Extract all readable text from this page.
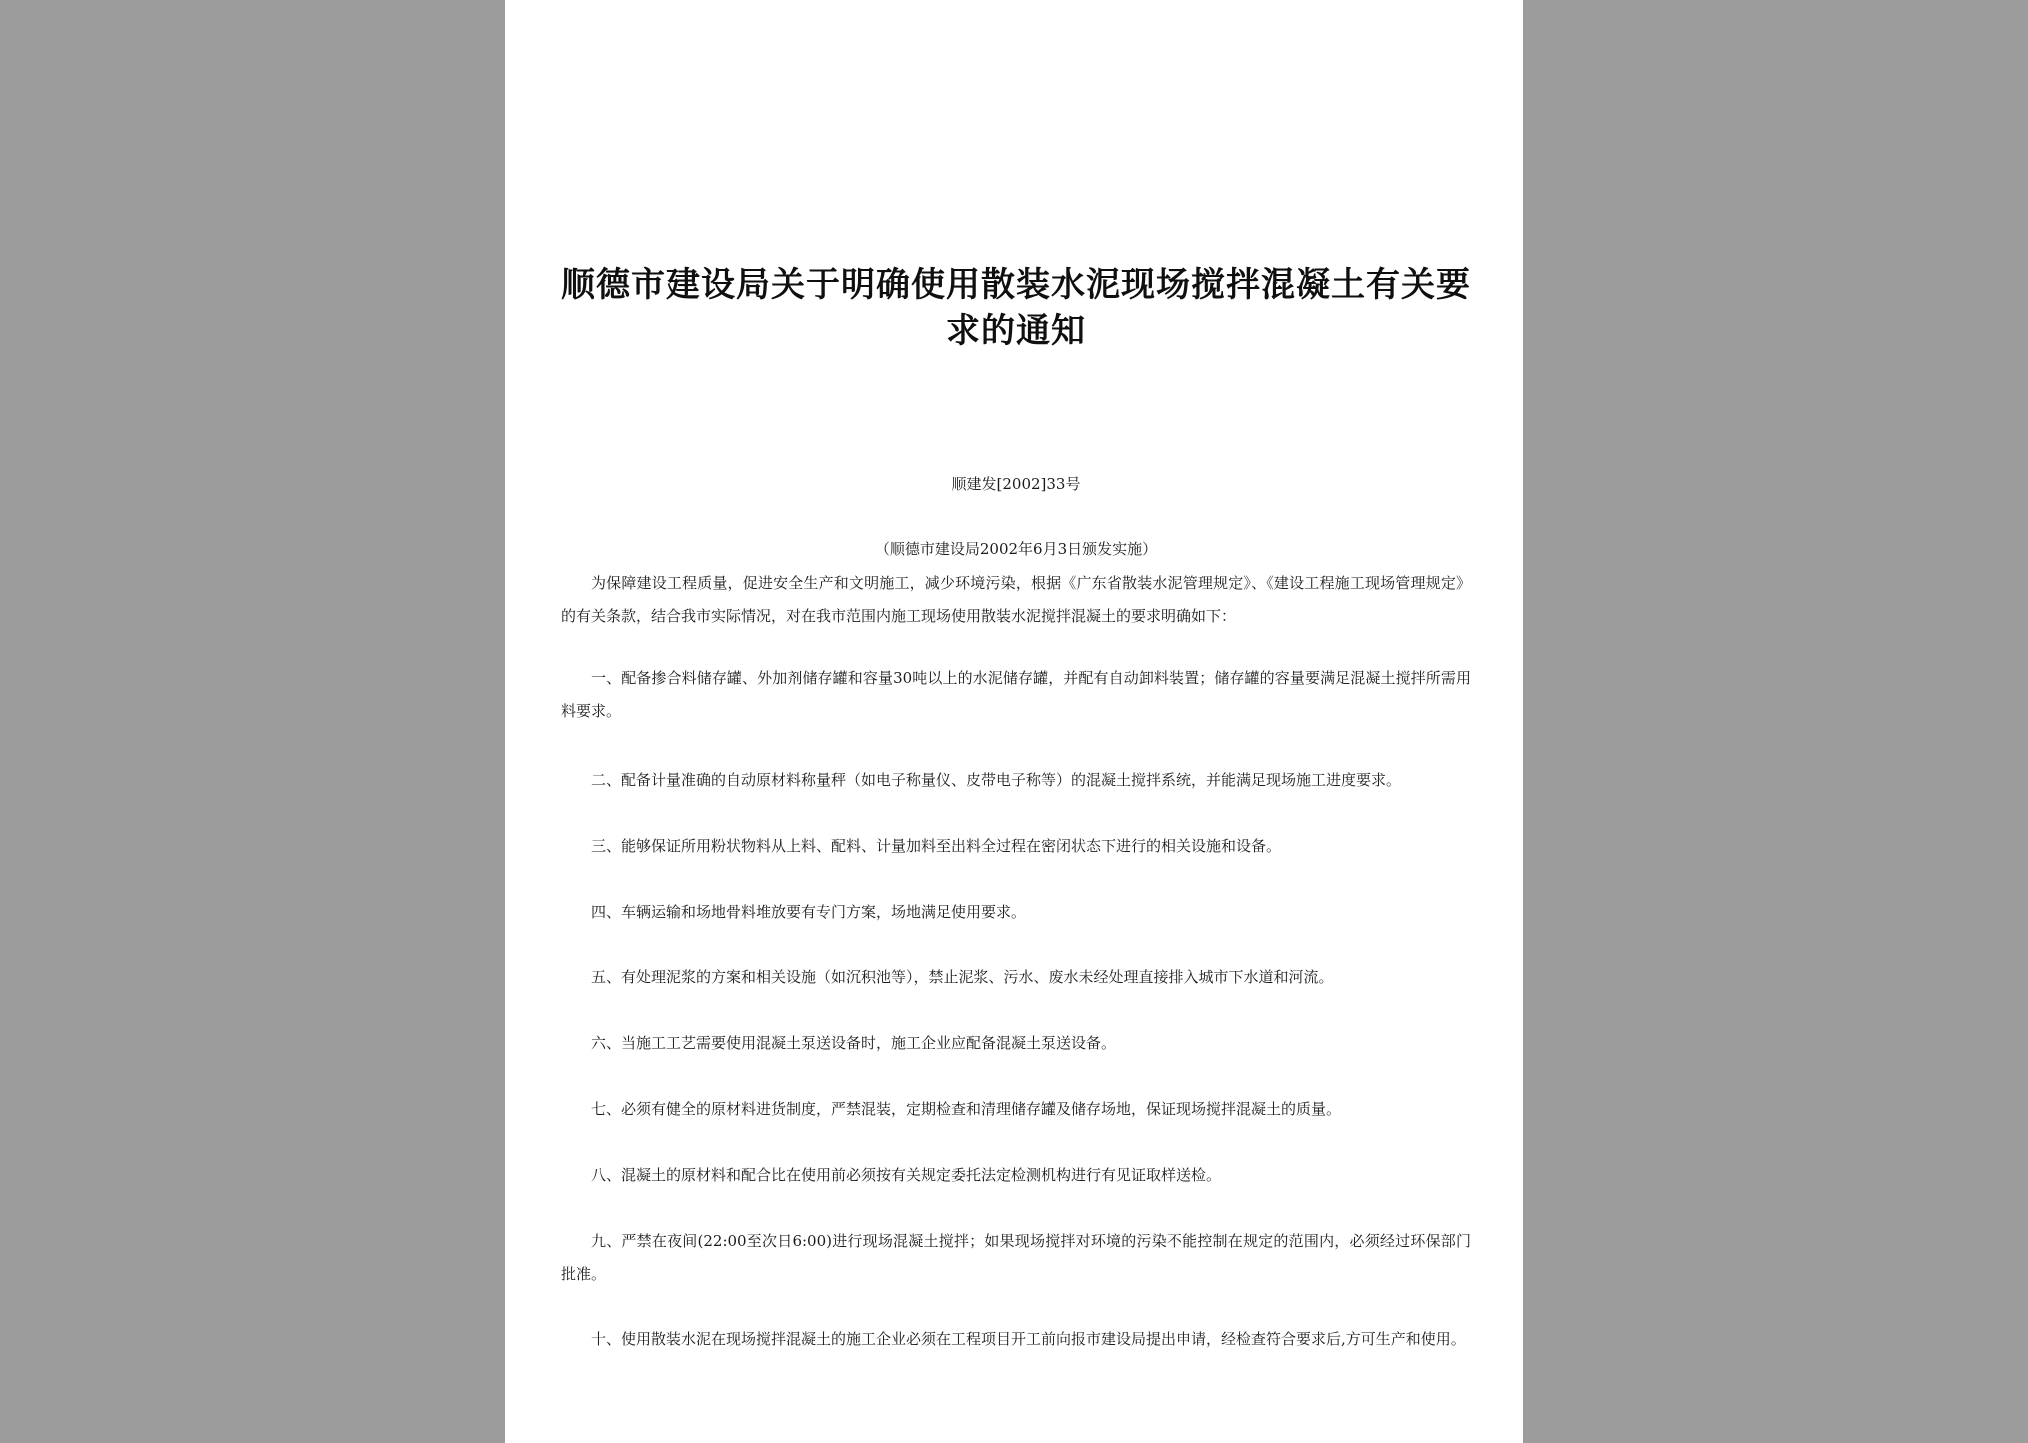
顺德市建设局关于明确使用散装水泥现场搅拌混凝土有关要求的通知
顺建发[2002]33号
（顺德市建设局2002年6月3日颁发实施）
为保障建设工程质量，促进安全生产和文明施工，减少环境污染，根据《广东省散装水泥管理规定》、《建设工程施工现场管理规定》的有关条款，结合我市实际情况，对在我市范围内施工现场使用散装水泥搅拌混凝土的要求明确如下：
一、配备掺合料储存罐、外加剂储存罐和容量30吨以上的水泥储存罐，并配有自动卸料装置；储存罐的容量要满足混凝土搅拌所需用料要求。
二、配备计量准确的自动原材料称量秤（如电子称量仪、皮带电子称等）的混凝土搅拌系统，并能满足现场施工进度要求。
三、能够保证所用粉状物料从上料、配料、计量加料至出料全过程在密闭状态下进行的相关设施和设备。
四、车辆运输和场地骨料堆放要有专门方案，场地满足使用要求。
五、有处理泥浆的方案和相关设施（如沉积池等），禁止泥浆、污水、废水未经处理直接排入城市下水道和河流。
六、当施工工艺需要使用混凝土泵送设备时，施工企业应配备混凝土泵送设备。
七、必须有健全的原材料进货制度，严禁混装，定期检查和清理储存罐及储存场地，保证现场搅拌混凝土的质量。
八、混凝土的原材料和配合比在使用前必须按有关规定委托法定检测机构进行有见证取样送检。
九、严禁在夜间(22:00至次日6:00)进行现场混凝土搅拌；如果现场搅拌对环境的污染不能控制在规定的范围内，必须经过环保部门批准。
十、使用散装水泥在现场搅拌混凝土的施工企业必须在工程项目开工前向报市建设局提出申请，经检查符合要求后,方可生产和使用。
